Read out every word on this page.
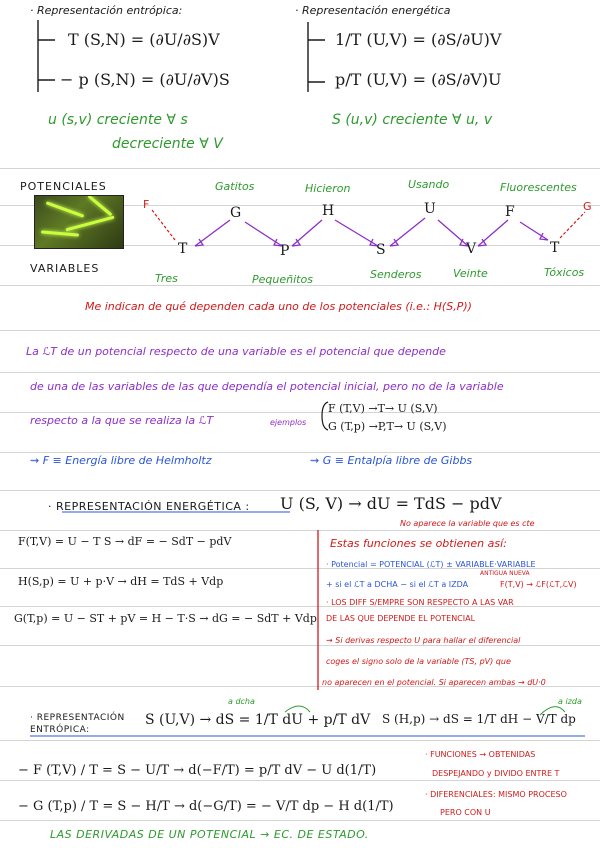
· Representación entrópica:	· Representación energética
T (S,N) = (∂U/∂S)V
− p (S,N) = (∂U/∂V)S
1/T (U,V) = (∂S/∂U)V
p/T (U,V) = (∂S/∂V)U
u (s,v) creciente ∀ s
decreciente ∀ V
S (u,v) creciente ∀ u, v
POTENCIALES
VARIABLES
Gatitos	Hicieron	Usando	Fluorescentes
F
G	H	U	F	G
T	P	S	V	T
Tres	Pequeñitos	Senderos	Veinte	Tóxicos
Me indican de qué dependen cada uno de los potenciales (i.e.: H(S,P))
La ℒT de un potencial respecto de una variable es el potencial que depende
de una de las variables de las que dependía el potencial inicial, pero no de la variable
respecto a la que se realiza la ℒT	ejemplos
F (T,V) →T→ U (S,V)
G (T,p) →P,T→ U (S,V)
⇝ F ≡ Energía libre de Helmholtz	⇝ G ≡ Entalpía libre de Gibbs
· REPRESENTACIÓN ENERGÉTICA : U (S, V) → dU = TdS − pdV
No aparece la variable que es cte
F(T,V) = U − T S → dF = − SdT − pdV
H(S,p) = U + p·V → dH = TdS + Vdp
G(T,p) = U − ST + pV = H − T·S → dG = − SdT + Vdp
Estas funciones se obtienen así:
· Potencial = POTENCIAL (ℒT) ± VARIABLE·VARIABLE
ANTIGUA NUEVA
+ si el ℒT a DCHA − si el ℒT a IZDA	F(T,V) → ℒF(ℒT,ℒV)
· LOS DIFF S/EMPRE SON RESPECTO A LAS VAR
DE LAS QUE DEPENDE EL POTENCIAL
⇝ Si derivas respecto U para hallar el diferencial
coges el signo solo de la variable (TS, pV) que
no aparecen en el potencial. Si aparecen ambas → dU·0
· REPRESENTACIÓN ENTRÓPICA:
a dcha	a izda
S (U,V) → dS = 1/T dU + p/T dV S (H,p) → dS = 1/T dH − V/T dp
− F (T,V) / T = S − U/T → d(−F/T) = p/T dV − U d(1/T)
− G (T,p) / T = S − H/T → d(−G/T) = − V/T dp − H d(1/T)
· FUNCIONES → OBTENIDAS
DESPEJANDO y DIVIDO ENTRE T
· DIFERENCIALES: MISMO PROCESO
PERO CON U
LAS DERIVADAS DE UN POTENCIAL → EC. DE ESTADO.
